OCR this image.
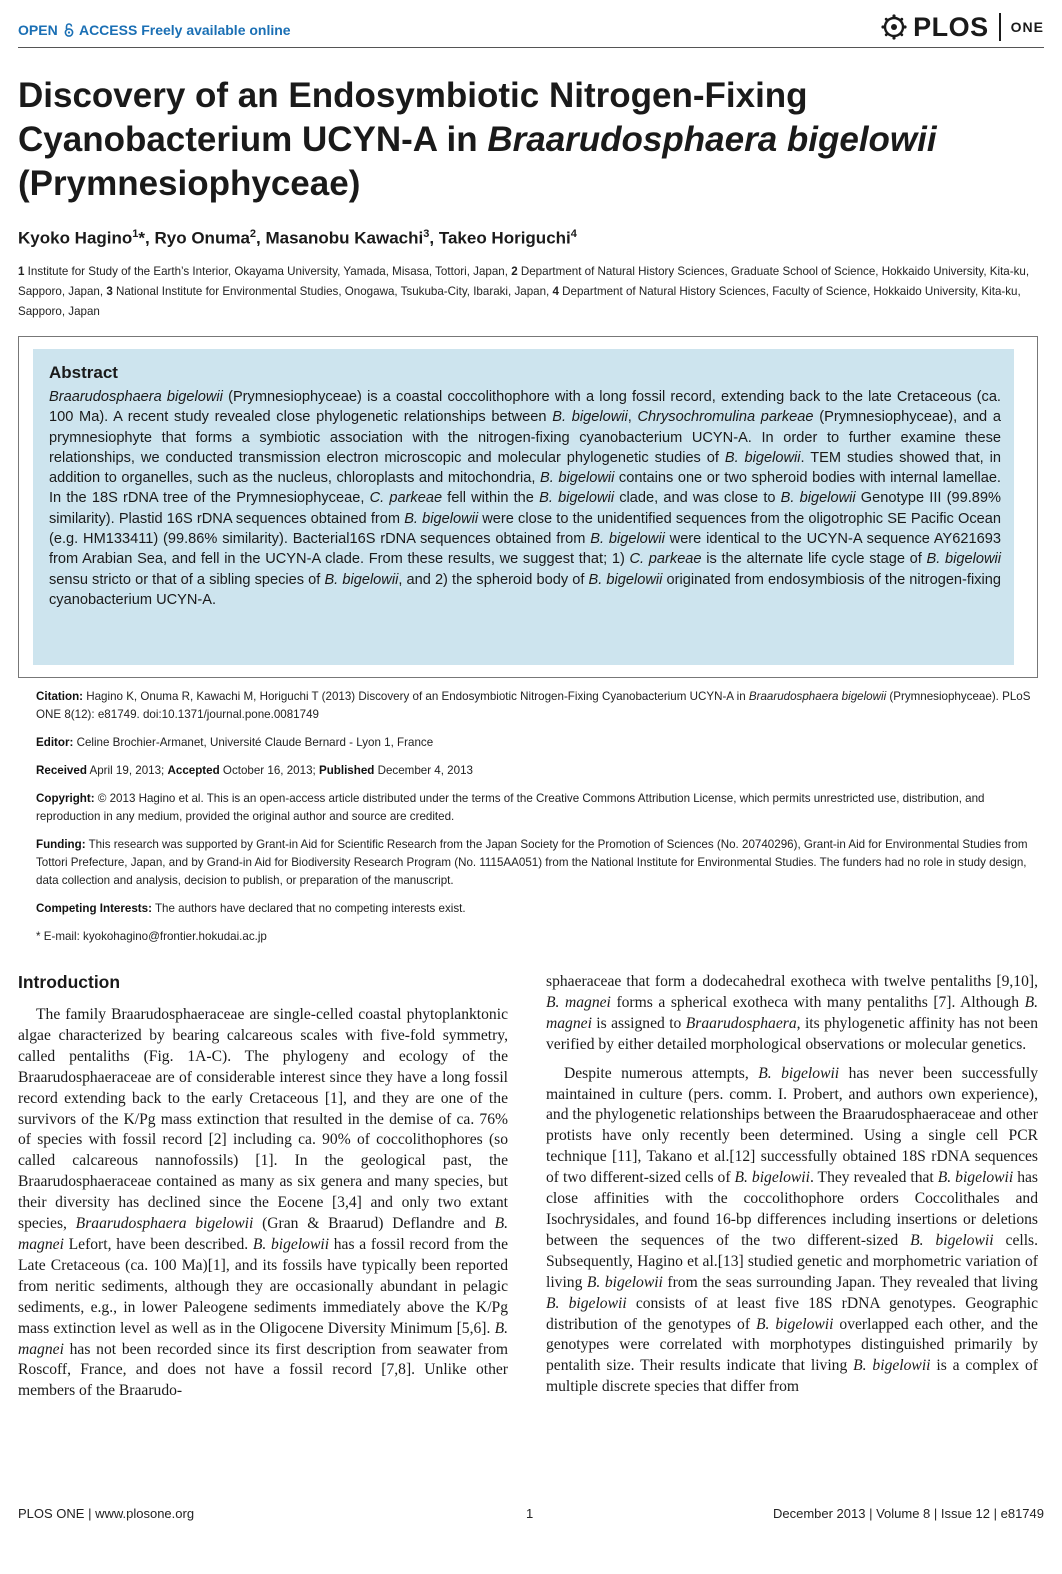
OPEN ACCESS Freely available online	PLOS ONE
Discovery of an Endosymbiotic Nitrogen-Fixing Cyanobacterium UCYN-A in Braarudosphaera bigelowii
(Prymnesiophyceae)
Kyoko Hagino$^1$*, Ryo Onuma$^2$, Masanobu Kawachi$^3$, Takeo Horiguchi$^4$
1 Institute for Study of the Earth’s Interior, Okayama University, Yamada, Misasa, Tottori, Japan, 2 Department of Natural History Sciences, Graduate School of Science, Hokkaido University, Kita-ku, Sapporo, Japan, 3 National Institute for Environmental Studies, Onogawa, Tsukuba-City, Ibaraki, Japan, 4 Department of Natural History Sciences, Faculty of Science, Hokkaido University, Kita-ku, Sapporo, Japan
Abstract

Braarudosphaera bigelowii (Prymnesiophyceae) is a coastal coccolithophore with a long fossil record, extending back to the late Cretaceous (ca. 100 Ma). A recent study revealed close phylogenetic relationships between B. bigelowii, Chrysochromulina parkeae (Prymnesiophyceae), and a prymnesiophyte that forms a symbiotic association with the nitrogen-fixing cyanobacterium UCYN-A. In order to further examine these relationships, we conducted transmission electron microscopic and molecular phylogenetic studies of B. bigelowii. TEM studies showed that, in addition to organelles, such as the nucleus, chloroplasts and mitochondria, B. bigelowii contains one or two spheroid bodies with internal lamellae. In the 18S rDNA tree of the Prymnesiophyceae, C. parkeae fell within the B. bigelowii clade, and was close to B. bigelowii Genotype III (99.89% similarity). Plastid 16S rDNA sequences obtained from B. bigelowii were close to the unidentified sequences from the oligotrophic SE Pacific Ocean (e.g. HM133411) (99.86% similarity). Bacterial16S rDNA sequences obtained from B. bigelowii were identical to the UCYN-A sequence AY621693 from Arabian Sea, and fell in the UCYN-A clade. From these results, we suggest that; 1) C. parkeae is the alternate life cycle stage of B. bigelowii sensu stricto or that of a sibling species of B. bigelowii, and 2) the spheroid body of B. bigelowii originated from endosymbiosis of the nitrogen-fixing cyanobacterium UCYN-A.

Citation: Hagino K, Onuma R, Kawachi M, Horiguchi T (2013) Discovery of an Endosymbiotic Nitrogen-Fixing Cyanobacterium UCYN-A in Braarudosphaera bigelowii (Prymnesiophyceae). PLoS ONE 8(12): e81749. doi:10.1371/journal.pone.0081749

Editor: Celine Brochier-Armanet, Université Claude Bernard - Lyon 1, France

Received April 19, 2013; Accepted October 16, 2013; Published December 4, 2013

Copyright: © 2013 Hagino et al. This is an open-access article distributed under the terms of the Creative Commons Attribution License, which permits unrestricted use, distribution, and reproduction in any medium, provided the original author and source are credited.

Funding: This research was supported by Grant-in Aid for Scientific Research from the Japan Society for the Promotion of Sciences (No. 20740296), Grant-in Aid for Environmental Studies from Tottori Prefecture, Japan, and by Grand-in Aid for Biodiversity Research Program (No. 1115AA051) from the National Institute for Environmental Studies. The funders had no role in study design, data collection and analysis, decision to publish, or preparation of the manuscript.

Competing Interests: The authors have declared that no competing interests exist.

* E-mail: kyokohagino@frontier.hokudai.ac.jp

Introduction

The family Braarudosphaeraceae are single-celled coastal phytoplanktonic algae characterized by bearing calcareous scales with five-fold symmetry, called pentaliths (Fig. 1A-C). The phylogeny and ecology of the Braarudosphaeraceae are of considerable interest since they have a long fossil record extending back to the early Cretaceous [1], and they are one of the survivors of the K/Pg mass extinction that resulted in the demise of ca. 76% of species with fossil record [2] including ca. 90% of coccolithophores (so called calcareous nannofossils) [1]. In the geological past, the Braarudosphaeraceae contained as many as six genera and many species, but their diversity has declined since the Eocene [3,4] and only two extant species, Braarudosphaera bigelowii (Gran & Braarud) Deflandre and B. magnei Lefort, have been described. B. bigelowii has a fossil record from the Late Cretaceous (ca. 100 Ma)[1], and its fossils have typically been reported from neritic sediments, although they are occasionally abundant in pelagic sediments, e.g., in lower Paleogene sediments immediately above the K/Pg mass extinction level as well as in the Oligocene Diversity Minimum [5,6]. B. magnei has not been recorded since its first description from seawater from Roscoff, France, and does not have a fossil record [7,8]. Unlike other members of the Braarudo-

sphaeraceae that form a dodecahedral exotheca with twelve pentaliths [9,10], B. magnei forms a spherical exotheca with many pentaliths [7]. Although B. magnei is assigned to Braarudosphaera, its phylogenetic affinity has not been verified by either detailed morphological observations or molecular genetics.

Despite numerous attempts, B. bigelowii has never been successfully maintained in culture (pers. comm. I. Probert, and authors own experience), and the phylogenetic relationships between the Braarudosphaeraceae and other protists have only recently been determined. Using a single cell PCR technique [11], Takano et al.[12] successfully obtained 18S rDNA sequences of two different-sized cells of B. bigelowii. They revealed that B. bigelowii has close affinities with the coccolithophore orders Coccolithales and Isochrysidales, and found 16-bp differences including insertions or deletions between the sequences of the two different-sized B. bigelowii cells. Subsequently, Hagino et al.[13] studied genetic and morphometric variation of living B. bigelowii from the seas surrounding Japan. They revealed that living B. bigelowii consists of at least five 18S rDNA genotypes. Geographic distribution of the genotypes of B. bigelowii overlapped each other, and the genotypes were correlated with morphotypes distinguished primarily by pentalith size. Their results indicate that living B. bigelowii is a complex of multiple discrete species that differ from

PLOS ONE | www.plosone.org	1	December 2013 | Volume 8 | Issue 12 | e81749
